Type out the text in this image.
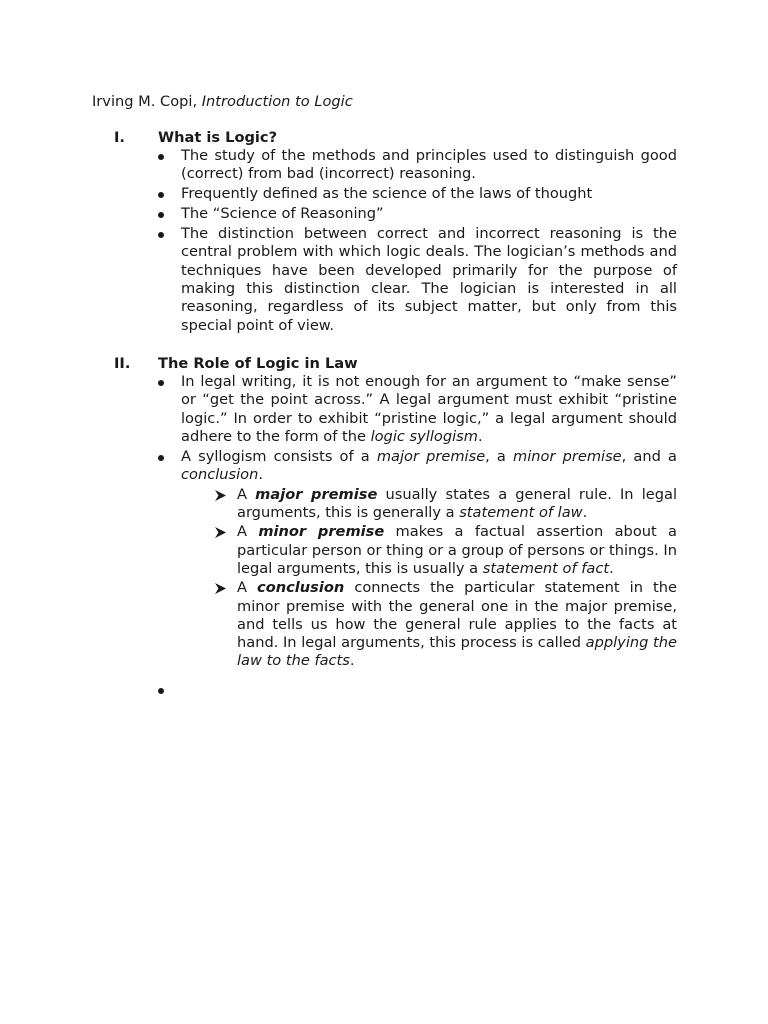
Irving M. Copi, Introduction to Logic
I. What is Logic?
The study of the methods and principles used to distinguish good (correct) from bad (incorrect) reasoning.
Frequently defined as the science of the laws of thought
The “Science of Reasoning”
The distinction between correct and incorrect reasoning is the central problem with which logic deals. The logician’s methods and techniques have been developed primarily for the purpose of making this distinction clear. The logician is interested in all reasoning, regardless of its subject matter, but only from this special point of view.
II. The Role of Logic in Law
In legal writing, it is not enough for an argument to “make sense” or “get the point across.” A legal argument must exhibit “pristine logic.” In order to exhibit “pristine logic,” a legal argument should adhere to the form of the logic syllogism.
A syllogism consists of a major premise, a minor premise, and a conclusion.
A major premise usually states a general rule. In legal arguments, this is generally a statement of law.
A minor premise makes a factual assertion about a particular person or thing or a group of persons or things. In legal arguments, this is usually a statement of fact.
A conclusion connects the particular statement in the minor premise with the general one in the major premise, and tells us how the general rule applies to the facts at hand. In legal arguments, this process is called applying the law to the facts.
